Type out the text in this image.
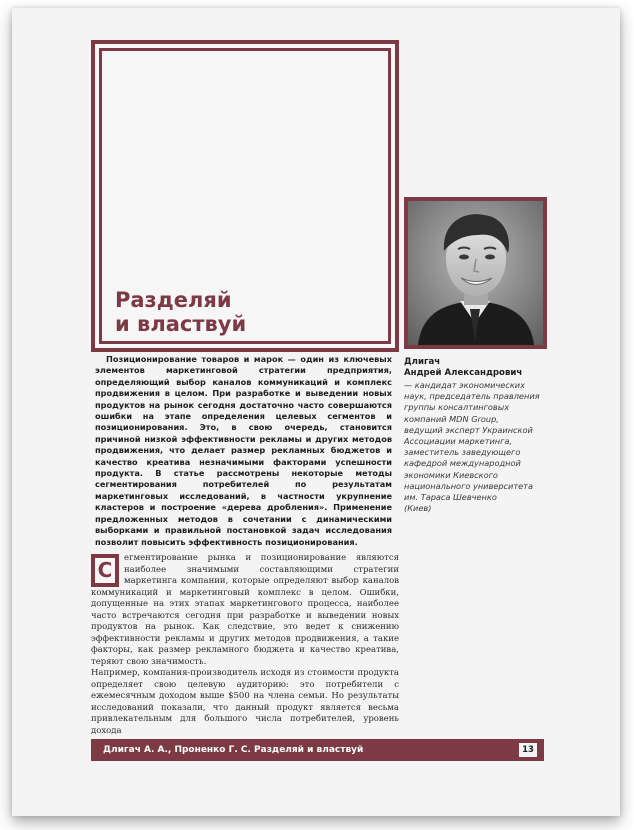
Разделяй
и властвуй

Позиционирование товаров и марок — один из ключевых элементов маркетинговой стратегии предприятия, определяющий выбор каналов коммуникаций и комплекс продвижения в целом. При разработке и выведении новых продуктов на рынок сегодня достаточно часто совершаются ошибки на этапе определения целевых сегментов и позиционирования. Это, в свою очередь, становится причиной низкой эффективности рекламы и других методов продвижения, что делает размер рекламных бюджетов и качество креатива незначимыми факторами успешности продукта. В статье рассмотрены некоторые методы сегментирования потребителей по результатам маркетинговых исследований, в частности укрупнение кластеров и построение «дерева дробления». Применение предложенных методов в сочетании с динамическими выборками и правильной постановкой задач исследования позволит повысить эффективность позиционирования.

Длигач
Андрей Александрович
— кандидат экономических
наук, председатель правления
группы консалтинговых
компаний MDN Group,
ведущий эксперт Украинской
Ассоциации маркетинга,
заместитель заведующего
кафедрой международной
экономики Киевского
национального университета
им. Тараса Шевченко
(Киев)

С	егментирование рынка и позиционирование являются наиболее значимыми составляющими стратегии маркетинга компании, которые определяют выбор каналов коммуникаций и маркетинговый комплекс в целом. Ошибки, допущенные на этих этапах маркетингового процесса, наиболее часто встречаются сегодня при разработке и выведении новых продуктов на рынок. Как следствие, это ведет к снижению эффективности рекламы и других методов продвижения, а такие факторы, как размер рекламного бюджета и качество креатива, теряют свою значимость.

Например, компания-производитель исходя из стоимости продукта определяет свою целевую аудиторию: это потребители с ежемесячным доходом выше $500 на члена семьи. Но результаты исследований показали, что данный продукт является весьма привлекательным для большого числа потребителей, уровень дохода

Длигач А. А., Проненко Г. С. Разделяй и властвуй	13
